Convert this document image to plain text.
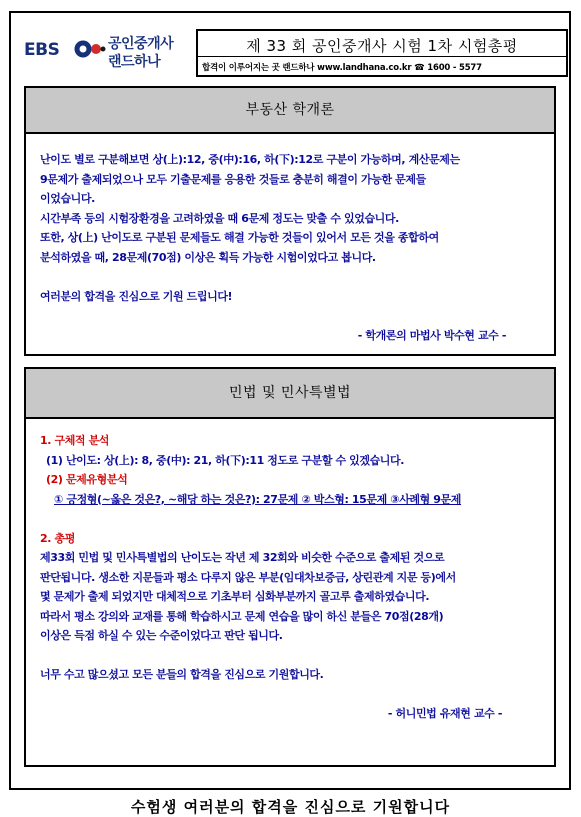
EBS	공인중개사
랜드하나
제 33 회 공인중개사 시험 1차 시험총평
합격이 이루어지는 곳 랜드하나 www.landhana.co.kr ☎ 1600 - 5577
부동산 학개론

난이도 별로 구분해보면 상(上):12, 중(中):16, 하(下):12로 구분이 가능하며, 계산문제는

9문제가 출제되었으나 모두 기출문제를 응용한 것들로 충분히 해결이 가능한 문제들

이었습니다.

시간부족 등의 시험장환경을 고려하였을 때 6문제 정도는 맞출 수 있었습니다.

또한, 상(上) 난이도로 구분된 문제들도 해결 가능한 것들이 있어서 모든 것을 종합하여

분석하였을 때, 28문제(70점) 이상은 획득 가능한 시험이었다고 봅니다.

여러분의 합격을 진심으로 기원 드립니다!

- 학개론의 마법사 박수현 교수 -

민법 및 민사특별법

1. 구체적 분석

(1) 난이도: 상(上): 8, 중(中): 21, 하(下):11 정도로 구분할 수 있겠습니다.

(2) 문제유형분석

① 긍정형(~옳은 것은?, ~해당 하는 것은?): 27문제 ② 박스형: 15문제 ③사례형 9문제

2. 총평

제33회 민법 및 민사특별법의 난이도는 작년 제 32회와 비슷한 수준으로 출제된 것으로

판단됩니다. 생소한 지문들과 평소 다루지 않은 부분(임대차보증금, 상린관계 지문 등)에서

몇 문제가 출제 되었지만 대체적으로 기초부터 심화부분까지 골고루 출제하였습니다.

따라서 평소 강의와 교재를 통해 학습하시고 문제 연습을 많이 하신 분들은 70점(28개)

이상은 득점 하실 수 있는 수준이었다고 판단 됩니다.

너무 수고 많으셨고 모든 분들의 합격을 진심으로 기원합니다.

- 허니민법 유재현 교수 -

수험생 여러분의 합격을 진심으로 기원합니다
